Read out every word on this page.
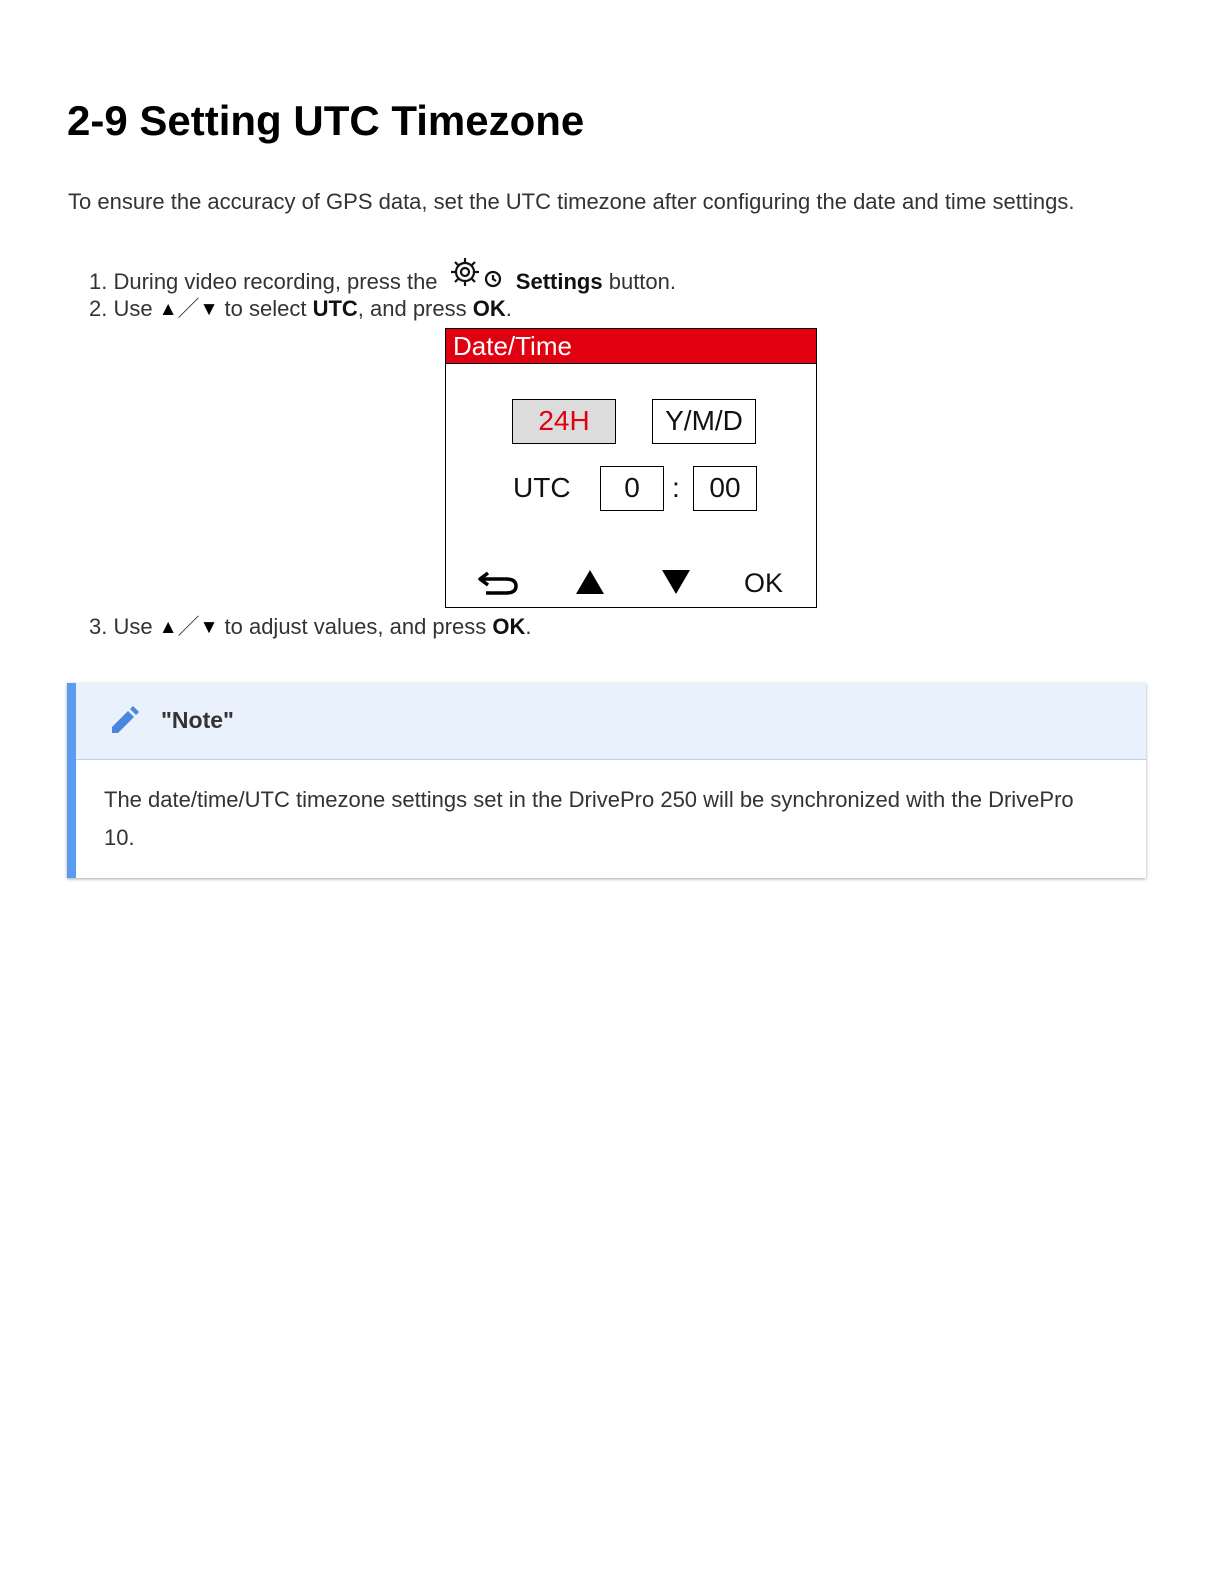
2-9 Setting UTC Timezone

To ensure the accuracy of GPS data, set the UTC timezone after configuring the date and time settings.

1. During video recording, press the	Settings button.
2. Use ▲／▼ to select UTC, and press OK.
Date/Time
24H	Y/M/D
UTC	0	:	00
OK
3. Use ▲／▼ to adjust values, and press OK.
"Note"

The date/time/UTC timezone settings set in the DrivePro 250 will be synchronized with the DrivePro 10.
